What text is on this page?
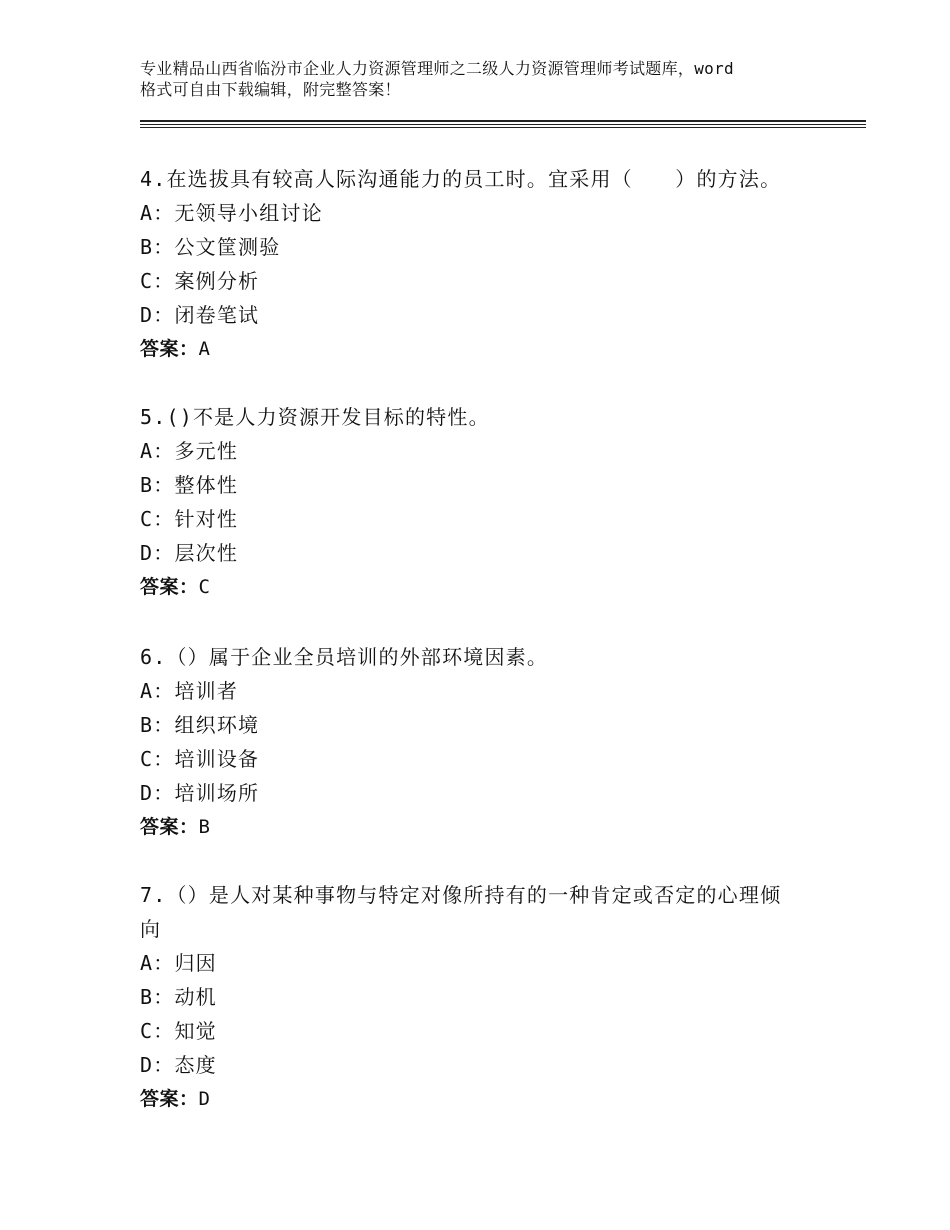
专业精品山西省临汾市企业人力资源管理师之二级人力资源管理师考试题库，word
格式可自由下载编辑，附完整答案！
4.在选拔具有较高人际沟通能力的员工时。宜采用（　　）的方法。
A：无领导小组讨论
B：公文筐测验
C：案例分析
D：闭卷笔试
答案：A
5.()不是人力资源开发目标的特性。
A：多元性
B：整体性
C：针对性
D：层次性
答案：C
6.（）属于企业全员培训的外部环境因素。
A：培训者
B：组织环境
C：培训设备
D：培训场所
答案：B
7.（）是人对某种事物与特定对像所持有的一种肯定或否定的心理倾向
A：归因
B：动机
C：知觉
D：态度
答案：D
